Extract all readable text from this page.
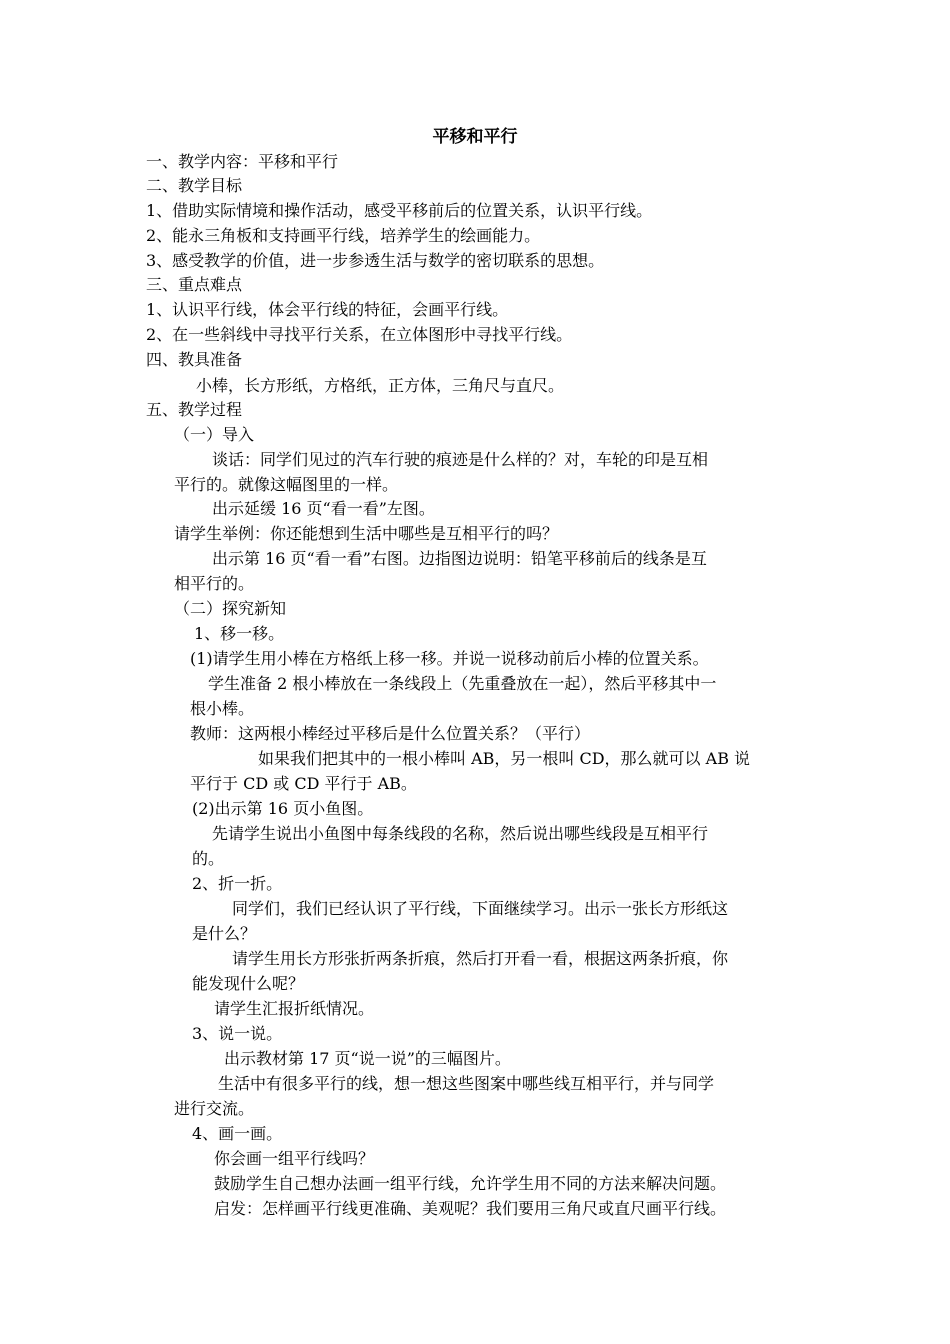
平移和平行
一、教学内容：平移和平行
二、教学目标
1、借助实际情境和操作活动，感受平移前后的位置关系，认识平行线。
2、能永三角板和支持画平行线，培养学生的绘画能力。
3、感受教学的价值，进一步参透生活与数学的密切联系的思想。
三、重点难点
1、认识平行线，体会平行线的特征，会画平行线。
2、在一些斜线中寻找平行关系，在立体图形中寻找平行线。
四、教具准备
小棒，长方形纸，方格纸，正方体，三角尺与直尺。
五、教学过程
（一）导入
谈话：同学们见过的汽车行驶的痕迹是什么样的？对，车轮的印是互相
平行的。就像这幅图里的一样。
出示延缓 16 页“看一看”左图。
请学生举例：你还能想到生活中哪些是互相平行的吗？
出示第 16 页“看一看”右图。边指图边说明：铅笔平移前后的线条是互
相平行的。
（二）探究新知
1、移一移。
(1)请学生用小棒在方格纸上移一移。并说一说移动前后小棒的位置关系。
学生准备 2 根小棒放在一条线段上（先重叠放在一起），然后平移其中一
根小棒。
教师：这两根小棒经过平移后是什么位置关系？（平行）
如果我们把其中的一根小棒叫 AB，另一根叫 CD，那么就可以 AB 说
平行于 CD 或 CD 平行于 AB。
(2)出示第 16 页小鱼图。
先请学生说出小鱼图中每条线段的名称，然后说出哪些线段是互相平行
的。
2、折一折。
同学们，我们已经认识了平行线，下面继续学习。出示一张长方形纸这
是什么？
请学生用长方形张折两条折痕，然后打开看一看，根据这两条折痕，你
能发现什么呢？
请学生汇报折纸情况。
3、说一说。
出示教材第 17 页“说一说”的三幅图片。
生活中有很多平行的线，想一想这些图案中哪些线互相平行，并与同学
进行交流。
4、画一画。
你会画一组平行线吗？
鼓励学生自己想办法画一组平行线，允许学生用不同的方法来解决问题。
启发：怎样画平行线更准确、美观呢？我们要用三角尺或直尺画平行线。
